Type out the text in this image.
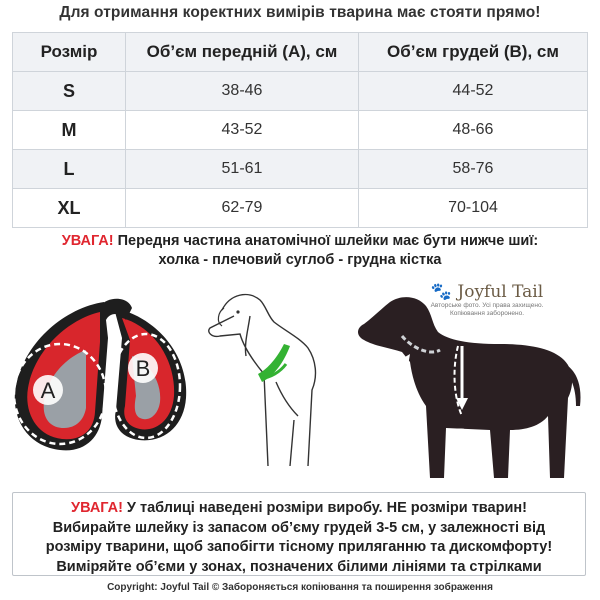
Для отримання коректних вимірів тварина має стояти прямо!
Розмір	Об’єм передній (A), см	Об’єм грудей (B), см
S	38-46	44-52
M	43-52	48-66
L	51-61	58-76
XL	62-79	70-104
УВАГА! Передня частина анатомічної шлейки має бути нижче шиї:
холка - плечовий суглоб - грудна кістка
A
B
A
B
🐾 Joyful Tail
Авторське фото. Усі права захищено.
Копіювання заборонено.
УВАГА! У таблиці наведені розміри виробу. НЕ розміри тварин!
Вибирайте шлейку із запасом об’єму грудей 3-5 см, у залежності від
розміру тварини, щоб запобігти тісному приляганню та дискомфорту!
Виміряйте об’єми у зонах, позначених білими лініями та стрілками
Copyright: Joyful Tail © Забороняється копіювання та поширення зображення
